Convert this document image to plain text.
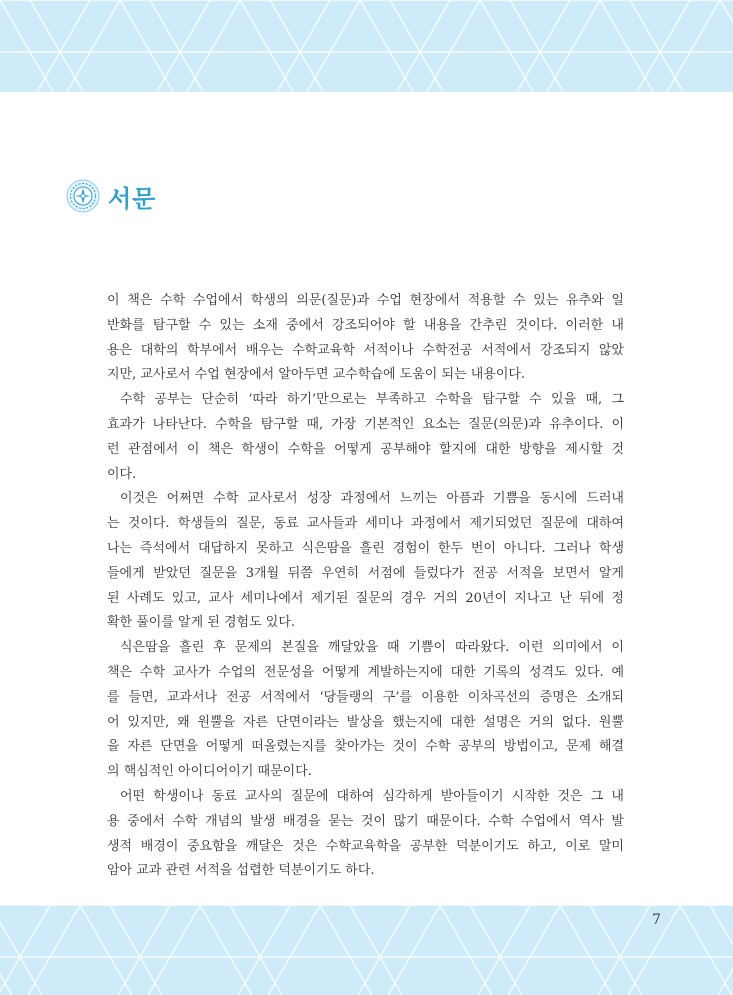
서문
이 책은 수학 수업에서 학생의 의문(질문)과 수업 현장에서 적용할 수 있는 유추와 일
반화를 탐구할 수 있는 소재 중에서 강조되어야 할 내용을 간추린 것이다. 이러한 내
용은 대학의 학부에서 배우는 수학교육학 서적이나 수학전공 서적에서 강조되지 않았
지만, 교사로서 수업 현장에서 알아두면 교수학습에 도움이 되는 내용이다.
수학 공부는 단순히 ‘따라 하기’만으로는 부족하고 수학을 탐구할 수 있을 때, 그
효과가 나타난다. 수학을 탐구할 때, 가장 기본적인 요소는 질문(의문)과 유추이다. 이
런 관점에서 이 책은 학생이 수학을 어떻게 공부해야 할지에 대한 방향을 제시할 것
이다.
이것은 어쩌면 수학 교사로서 성장 과정에서 느끼는 아픔과 기쁨을 동시에 드러내
는 것이다. 학생들의 질문, 동료 교사들과 세미나 과정에서 제기되었던 질문에 대하여
나는 즉석에서 대답하지 못하고 식은땀을 흘린 경험이 한두 번이 아니다. 그러나 학생
들에게 받았던 질문을 3개월 뒤쯤 우연히 서점에 들렀다가 전공 서적을 보면서 알게
된 사례도 있고, 교사 세미나에서 제기된 질문의 경우 거의 20년이 지나고 난 뒤에 정
확한 풀이를 알게 된 경험도 있다.
식은땀을 흘린 후 문제의 본질을 깨달았을 때 기쁨이 따라왔다. 이런 의미에서 이
책은 수학 교사가 수업의 전문성을 어떻게 계발하는지에 대한 기록의 성격도 있다. 예
를 들면, 교과서나 전공 서적에서 ‘당들랭의 구’를 이용한 이차곡선의 증명은 소개되
어 있지만, 왜 원뿔을 자른 단면이라는 발상을 했는지에 대한 설명은 거의 없다. 원뿔
을 자른 단면을 어떻게 떠올렸는지를 찾아가는 것이 수학 공부의 방법이고, 문제 해결
의 핵심적인 아이디어이기 때문이다.
어떤 학생이나 동료 교사의 질문에 대하여 심각하게 받아들이기 시작한 것은 그 내
용 중에서 수학 개념의 발생 배경을 묻는 것이 많기 때문이다. 수학 수업에서 역사 발
생적 배경이 중요함을 깨달은 것은 수학교육학을 공부한 덕분이기도 하고, 이로 말미
암아 교과 관련 서적을 섭렵한 덕분이기도 하다.
7
